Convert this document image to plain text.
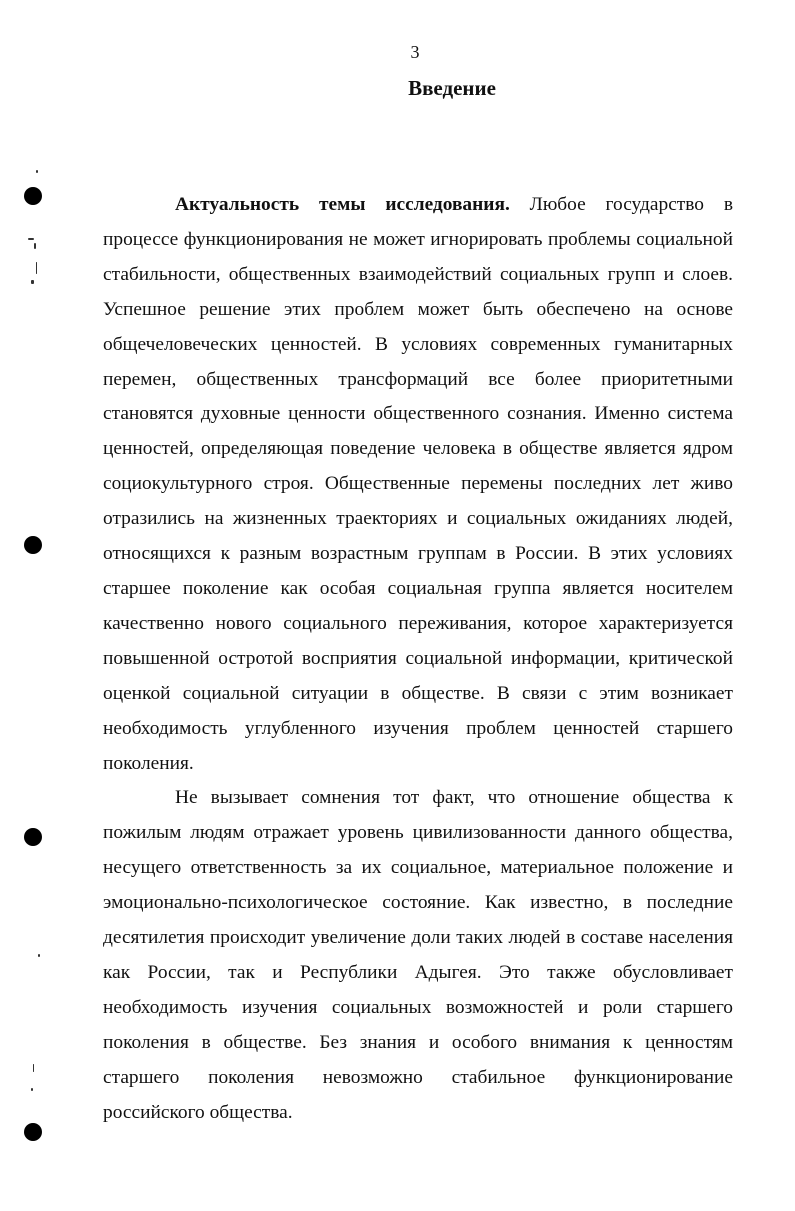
3
Введение

Актуальность темы исследования. Любое государство в процессе функционирования не может игнорировать проблемы социальной стабильности, общественных взаимодействий социальных групп и слоев. Успешное решение этих проблем может быть обеспечено на основе общечеловеческих ценностей. В условиях современных гуманитарных перемен, общественных трансформаций все более приоритетными становятся духовные ценности общественного сознания. Именно система ценностей, определяющая поведение человека в обществе является ядром социокультурного строя. Общественные перемены последних лет живо отразились на жизненных траекториях и социальных ожиданиях людей, относящихся к разным возрастным группам в России. В этих условиях старшее поколение как особая социальная группа является носителем качественно нового социального переживания, которое характеризуется повышенной остротой восприятия социальной информации, критической оценкой социальной ситуации в обществе. В связи с этим возникает необходимость углубленного изучения проблем ценностей старшего поколения.

Не вызывает сомнения тот факт, что отношение общества к пожилым людям отражает уровень цивилизованности данного общества, несущего ответственность за их социальное, материальное положение и эмоционально-психологическое состояние. Как известно, в последние десятилетия происходит увеличение доли таких людей в составе населения как России, так и Республики Адыгея. Это также обусловливает необходимость изучения социальных возможностей и роли старшего поколения в обществе. Без знания и особого внимания к ценностям старшего поколения невозможно стабильное функционирование российского общества.
